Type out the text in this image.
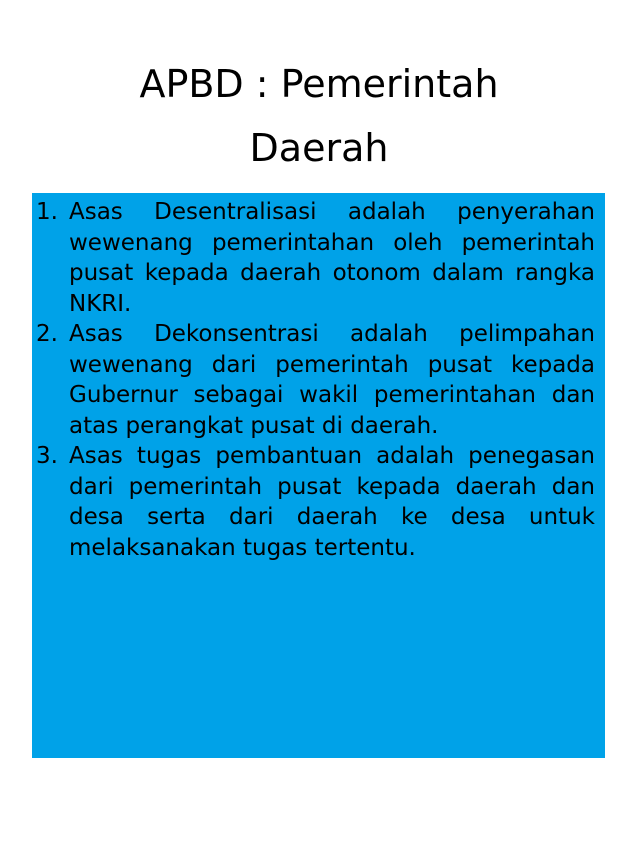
APBD : Pemerintah
Daerah
1. Asas Desentralisasi adalah penyerahan wewenang pemerintahan oleh pemerintah pusat kepada daerah otonom dalam rangka NKRI.
2. Asas Dekonsentrasi adalah pelimpahan wewenang dari pemerintah pusat kepada Gubernur sebagai wakil pemerintahan dan atas perangkat pusat di daerah.
3. Asas tugas pembantuan adalah penegasan dari pemerintah pusat kepada daerah dan desa serta dari daerah ke desa untuk melaksanakan tugas tertentu.
